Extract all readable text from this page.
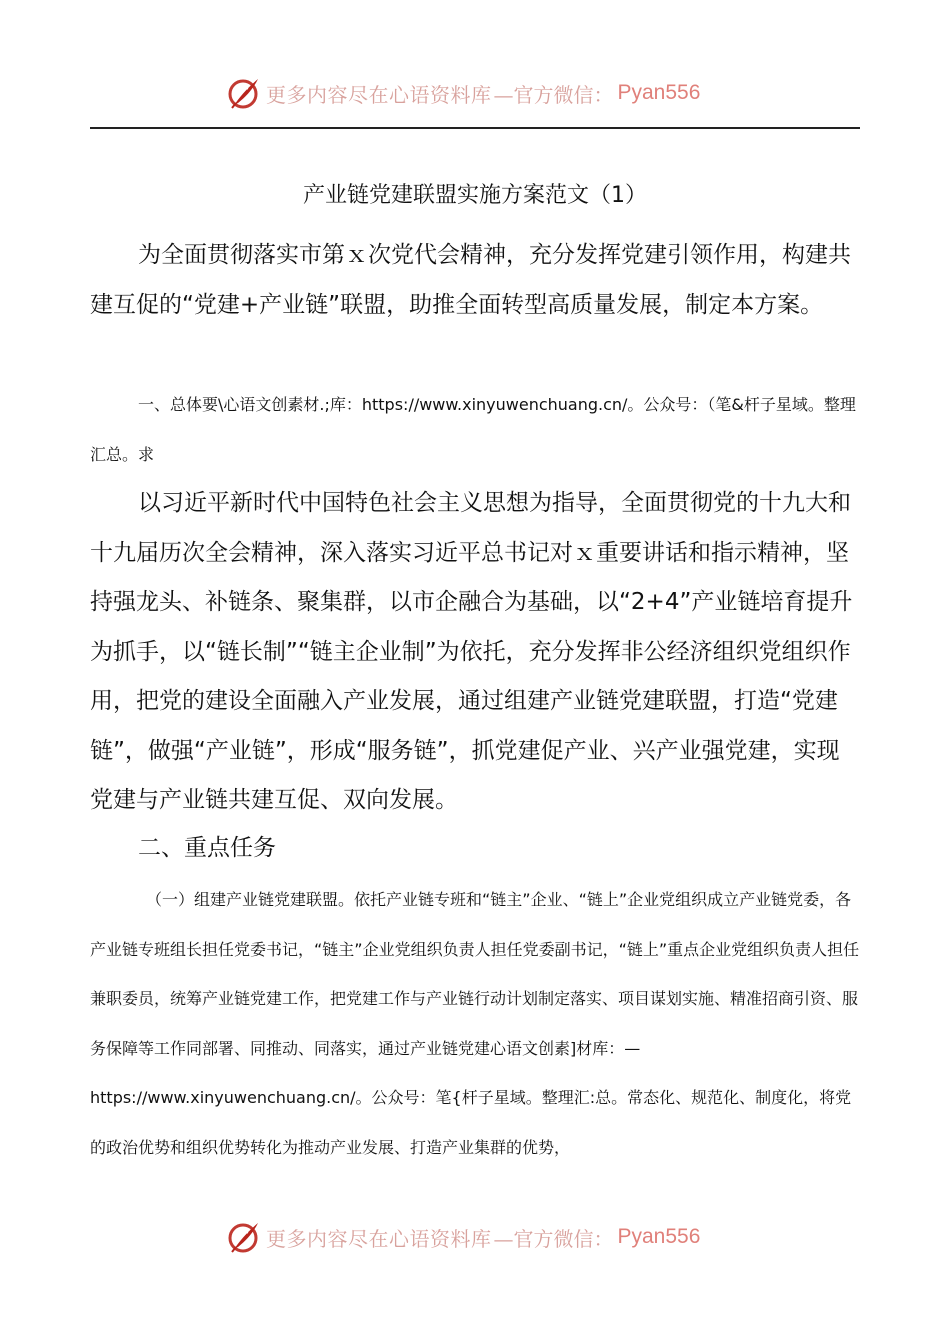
更多内容尽在心语资料库 —官方微信： Pyan556
产业链党建联盟实施方案范文（1）

为全面贯彻落实市第ｘ次党代会精神，充分发挥党建引领作用，构建共建互促的“党建+产业链”联盟，助推全面转型高质量发展，制定本方案。

一、总体要\心语文创素材.;库：https://www.xinyuwenchuang.cn/。公众号：（笔&杆子星域。整理汇总。求

以习近平新时代中国特色社会主义思想为指导，全面贯彻党的十九大和十九届历次全会精神，深入落实习近平总书记对ｘ重要讲话和指示精神，坚持强龙头、补链条、聚集群，以市企融合为基础，以“2+4”产业链培育提升为抓手，以“链长制”“链主企业制”为依托，充分发挥非公经济组织党组织作用，把党的建设全面融入产业发展，通过组建产业链党建联盟，打造“党建链”，做强“产业链”，形成“服务链”，抓党建促产业、兴产业强党建，实现党建与产业链共建互促、双向发展。

二、重点任务

（一）组建产业链党建联盟。依托产业链专班和“链主”企业、“链上”企业党组织成立产业链党委，各产业链专班组长担任党委书记，“链主”企业党组织负责人担任党委副书记，“链上”重点企业党组织负责人担任兼职委员，统筹产业链党建工作，把党建工作与产业链行动计划制定落实、项目谋划实施、精准招商引资、服务保障等工作同部署、同推动、同落实，通过产业链党建心语文创素]材库：—https://www.xinyuwenchuang.cn/。公众号：笔{杆子星域。整理汇:总。常态化、规范化、制度化，将党的政治优势和组织优势转化为推动产业发展、打造产业集群的优势，

更多内容尽在心语资料库 —官方微信： Pyan556
